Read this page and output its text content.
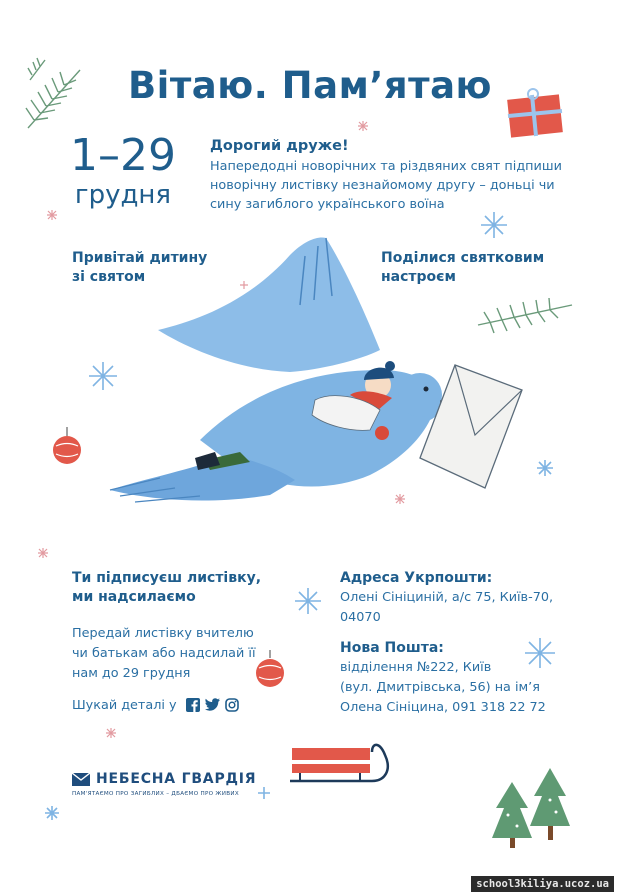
Вітаю. Пам’ятаю
1–29
грудня
Дорогий друже!
Напередодні новорічних та різдвяних свят підпиши
новорічну листівку незнайомому другу – доньці чи
сину загиблого українського воїна
Привітай дитину
зі святом
Поділися святковим
настроєм
Ти підписуєш листівку,
ми надсилаємо
Передай листівку вчителю
чи батькам або надсилай її
нам до 29 грудня
Шукай деталі у
Адреса Укрпошти:
Олені Сініциній, а/с 75, Київ-70,
04070
Нова Пошта:
відділення №222, Київ
(вул. Дмитрівська, 56) на ім’я
Олена Сініцина, 091 318 22 72
НЕБЕСНА ГВАРДІЯ
ПАМ'ЯТАЄМО ПРО ЗАГИБЛИХ – ДБАЄМО ПРО ЖИВИХ
school3kiliya.ucoz.ua
